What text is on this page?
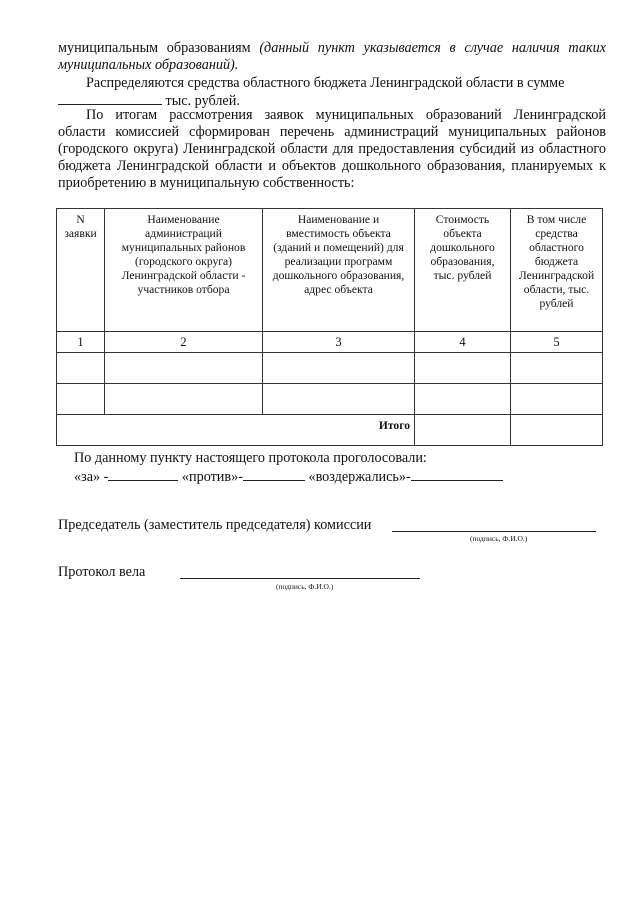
муниципальным образованиям (данный пункт указывается в случае наличия таких муниципальных образований).
Распределяются средства областного бюджета Ленинградской области в сумме
тыс. рублей.
По итогам рассмотрения заявок муниципальных образований Ленинградской области комиссией сформирован перечень администраций муниципальных районов (городского округа) Ленинградской области для предоставления субсидий из областного бюджета Ленинградской области и объектов дошкольного образования, планируемых к приобретению в муниципальную собственность:
N заявки	Наименование администраций муниципальных районов (городского округа) Ленинградской области - участников отбора	Наименование и вместимость объекта (зданий и помещений) для реализации программ дошкольного образования, адрес объекта	Стоимость объекта дошкольного образования, тыс. рублей	В том числе средства областного бюджета Ленинградской области, тыс. рублей
1	2	3	4	5

Итого				
По данному пункту настоящего протокола проголосовали:
«за» -	«против»-	«воздержались»-
Председатель (заместитель председателя) комиссии
(подпись, Ф.И.О.)
Протокол вела
(подпись, Ф.И.О.)
